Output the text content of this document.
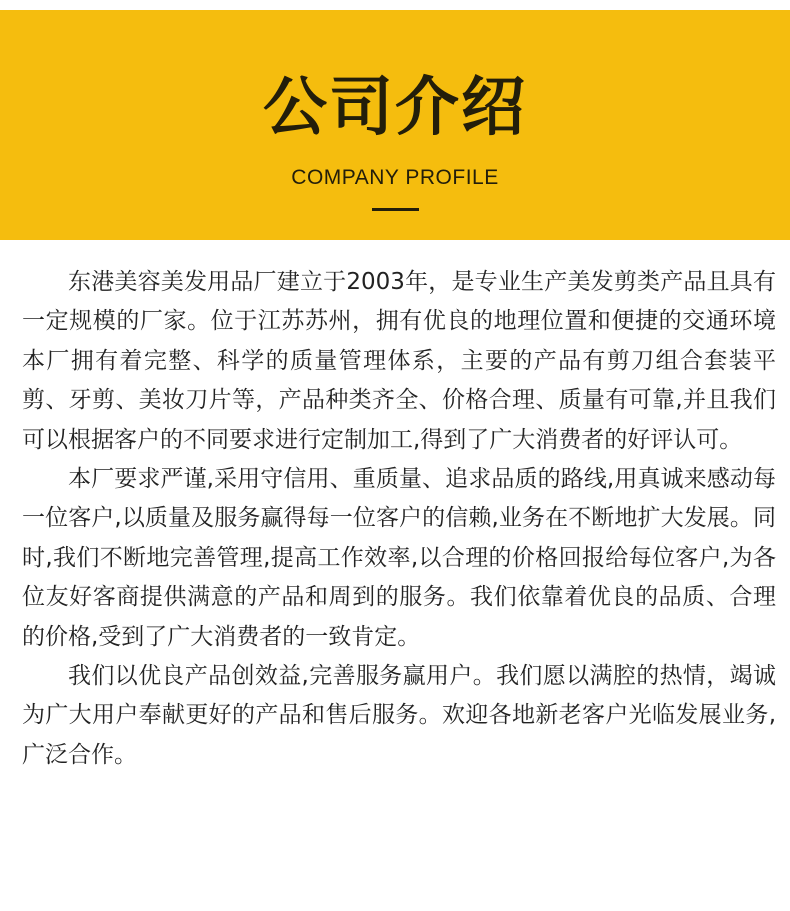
公司介绍
COMPANY PROFILE

东港美容美发用品厂建立于2003年，是专业生产美发剪类产品且具有一定规模的厂家。位于江苏苏州，拥有优良的地理位置和便捷的交通环境本厂拥有着完整、科学的质量管理体系，主要的产品有剪刀组合套装平剪、牙剪、美妆刀片等，产品种类齐全、价格合理、质量有可靠,并且我们可以根据客户的不同要求进行定制加工,得到了广大消费者的好评认可。

本厂要求严谨,采用守信用、重质量、追求品质的路线,用真诚来感动每一位客户,以质量及服务赢得每一位客户的信赖,业务在不断地扩大发展。同时,我们不断地完善管理,提高工作效率,以合理的价格回报给每位客户,为各位友好客商提供满意的产品和周到的服务。我们依靠着优良的品质、合理的价格,受到了广大消费者的一致肯定。

我们以优良产品创效益,完善服务赢用户。我们愿以满腔的热情，竭诚为广大用户奉献更好的产品和售后服务。欢迎各地新老客户光临发展业务,广泛合作。
